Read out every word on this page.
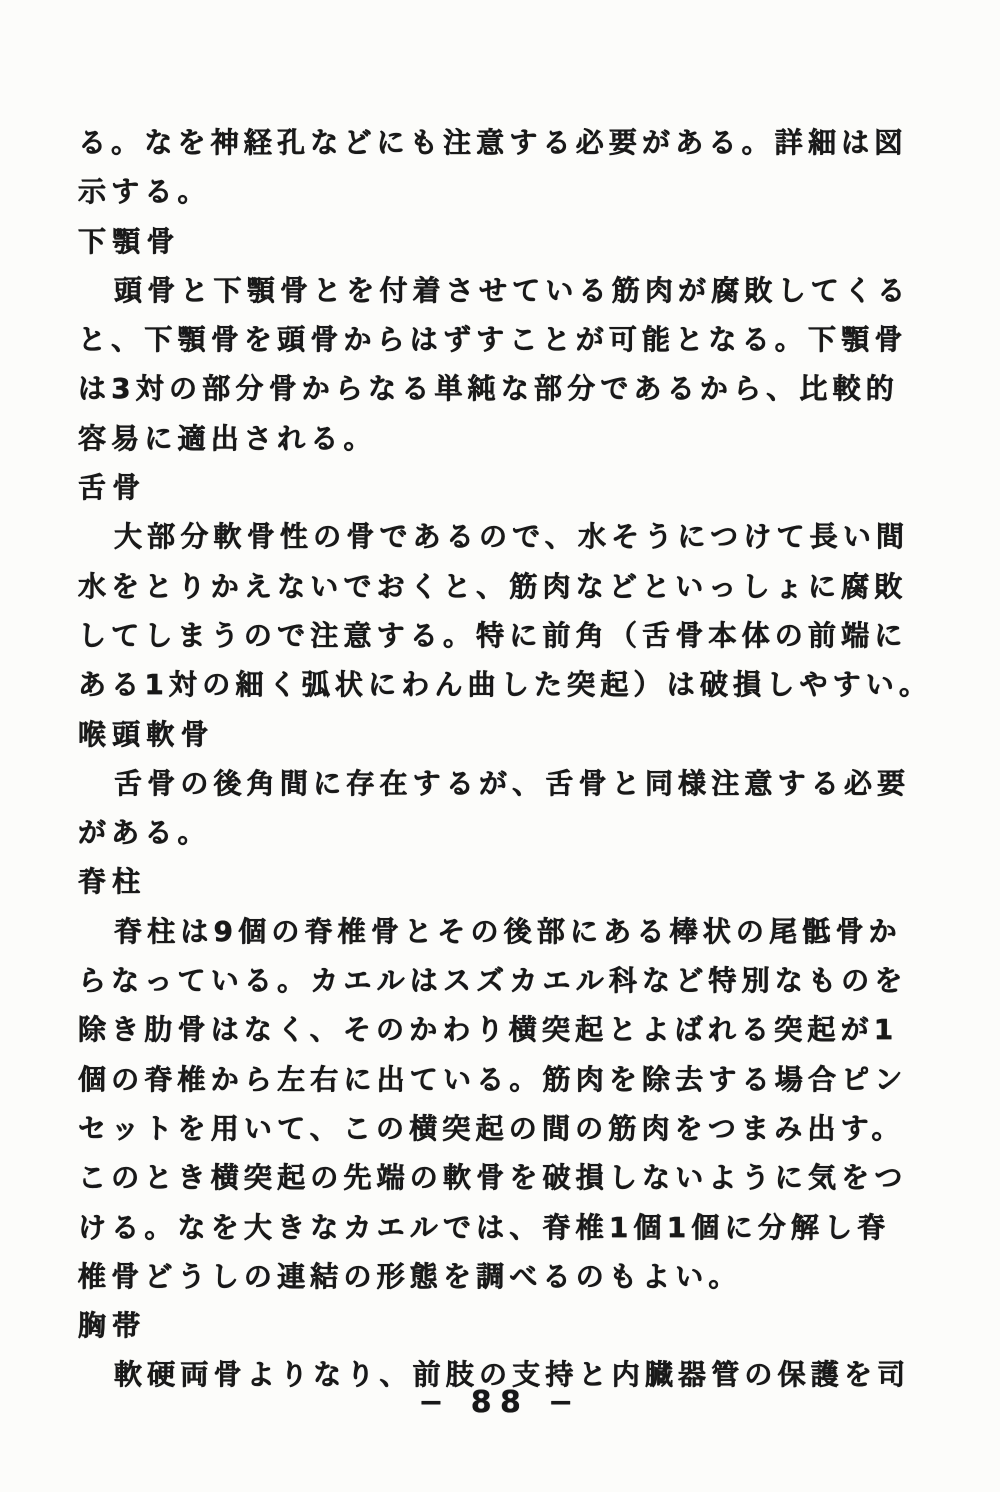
る。なを神経孔などにも注意する必要がある。詳細は図
示する。
下顎骨
頭骨と下顎骨とを付着させている筋肉が腐敗してくる
と、下顎骨を頭骨からはずすことが可能となる。下顎骨
は3対の部分骨からなる単純な部分であるから、比較的
容易に適出される。
舌骨
大部分軟骨性の骨であるので、水そうにつけて長い間
水をとりかえないでおくと、筋肉などといっしょに腐敗
してしまうので注意する。特に前角（舌骨本体の前端に
ある1対の細く弧状にわん曲した突起）は破損しやすい。
喉頭軟骨
舌骨の後角間に存在するが、舌骨と同様注意する必要
がある。
脊柱
脊柱は9個の脊椎骨とその後部にある棒状の尾骶骨か
らなっている。カエルはスズカエル科など特別なものを
除き肋骨はなく、そのかわり横突起とよばれる突起が1
個の脊椎から左右に出ている。筋肉を除去する場合ピン
セットを用いて、この横突起の間の筋肉をつまみ出す。
このとき横突起の先端の軟骨を破損しないように気をつ
ける。なを大きなカエルでは、脊椎1個1個に分解し脊
椎骨どうしの連結の形態を調べるのもよい。
胸帯
軟硬両骨よりなり、前肢の支持と内臓器管の保護を司
− 88 −
